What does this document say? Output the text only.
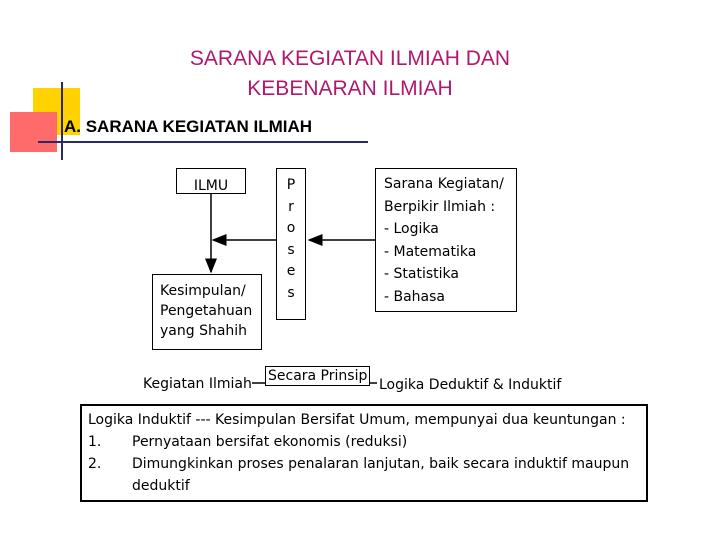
SARANA KEGIATAN ILMIAH DAN
KEBENARAN ILMIAH
A. SARANA KEGIATAN ILMIAH
ILMU
Kesimpulan/
Pengetahuan
yang Shahih
P
r
o
s
e
s
Sarana Kegiatan/
Berpikir Ilmiah :
- Logika
- Matematika
- Statistika
- Bahasa
Kegiatan Ilmiah Secara Prinsip
Logika Deduktif & Induktif
Logika Induktif --- Kesimpulan Bersifat Umum, mempunyai dua keuntungan :
1.	Pernyataan bersifat ekonomis (reduksi)
2.	Dimungkinkan proses penalaran lanjutan, baik secara induktif maupun deduktif
